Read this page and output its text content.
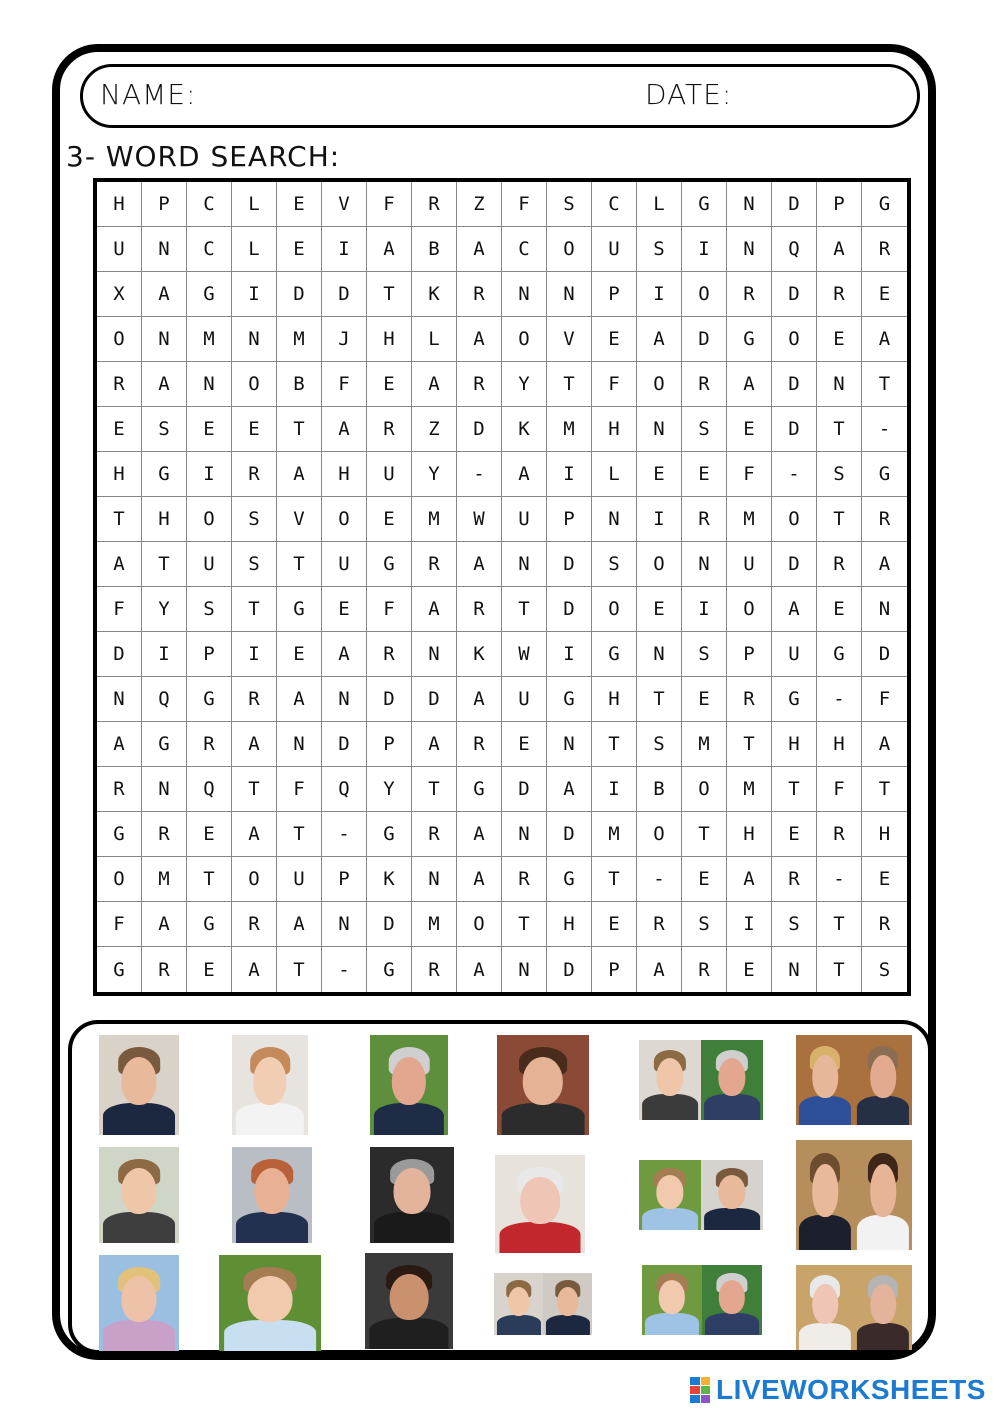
NAME:	DATE:
3- WORD SEARCH:
H	P	C	L	E	V	F	R	Z	F	S	C	L	G	N	D	P	G
U	N	C	L	E	I	A	B	A	C	O	U	S	I	N	Q	A	R
X	A	G	I	D	D	T	K	R	N	N	P	I	O	R	D	R	E
O	N	M	N	M	J	H	L	A	O	V	E	A	D	G	O	E	A
R	A	N	O	B	F	E	A	R	Y	T	F	O	R	A	D	N	T
E	S	E	E	T	A	R	Z	D	K	M	H	N	S	E	D	T	-
H	G	I	R	A	H	U	Y	-	A	I	L	E	E	F	-	S	G
T	H	O	S	V	O	E	M	W	U	P	N	I	R	M	O	T	R
A	T	U	S	T	U	G	R	A	N	D	S	O	N	U	D	R	A
F	Y	S	T	G	E	F	A	R	T	D	O	E	I	O	A	E	N
D	I	P	I	E	A	R	N	K	W	I	G	N	S	P	U	G	D
N	Q	G	R	A	N	D	D	A	U	G	H	T	E	R	G	-	F
A	G	R	A	N	D	P	A	R	E	N	T	S	M	T	H	H	A
R	N	Q	T	F	Q	Y	T	G	D	A	I	B	O	M	T	F	T
G	R	E	A	T	-	G	R	A	N	D	M	O	T	H	E	R	H
O	M	T	O	U	P	K	N	A	R	G	T	-	E	A	R	-	E
F	A	G	R	A	N	D	M	O	T	H	E	R	S	I	S	T	R
G	R	E	A	T	-	G	R	A	N	D	P	A	R	E	N	T	S
LIVEWORKSHEETS
